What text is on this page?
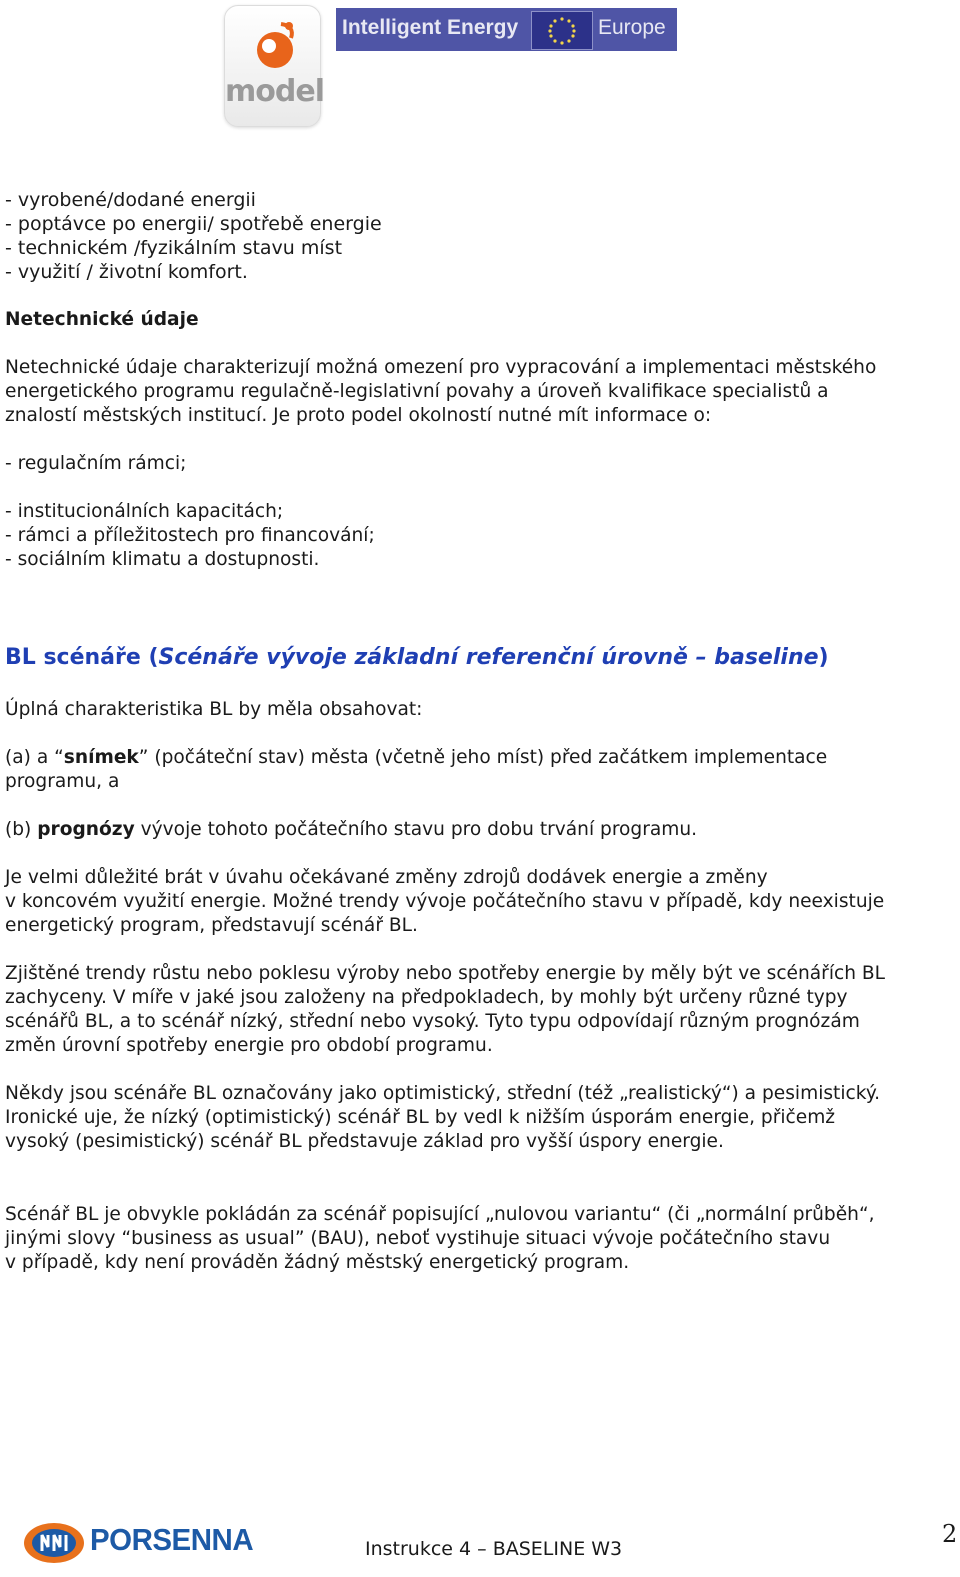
model
Intelligent Energy	Europe
- vyrobené/dodané energii
- poptávce po energii/ spotřebě energie
- technickém /fyzikálním stavu míst
- využití / životní komfort.
Netechnické údaje
Netechnické údaje charakterizují možná omezení pro vypracování a implementaci městského
energetického programu regulačně-legislativní povahy a úroveň kvalifikace specialistů a
znalostí městských institucí. Je proto podel okolností nutné mít informace o:
- regulačním rámci;
- institucionálních kapacitách;
- rámci a příležitostech pro financování;
- sociálním klimatu a dostupnosti.
BL scénáře (Scénáře vývoje základní referenční úrovně – baseline)
Úplná charakteristika BL by měla obsahovat:
(a) a “snímek” (počáteční stav) města (včetně jeho míst) před začátkem implementace
programu, a
(b) prognózy vývoje tohoto počátečního stavu pro dobu trvání programu.
Je velmi důležité brát v úvahu očekávané změny zdrojů dodávek energie a změny
v koncovém využití energie. Možné trendy vývoje počátečního stavu v případě, kdy neexistuje
energetický program, představují scénář BL.
Zjištěné trendy růstu nebo poklesu výroby nebo spotřeby energie by měly být ve scénářích BL
zachyceny. V míře v jaké jsou založeny na předpokladech, by mohly být určeny různé typy
scénářů BL, a to scénář nízký, střední nebo vysoký. Tyto typu odpovídají různým prognózám
změn úrovní spotřeby energie pro období programu.
Někdy jsou scénáře BL označovány jako optimistický, střední (též „realistický“) a pesimistický.
Ironické uje, že nízký (optimistický) scénář BL by vedl k nižším úsporám energie, přičemž
vysoký (pesimistický) scénář BL představuje základ pro vyšší úspory energie.
Scénář BL je obvykle pokládán za scénář popisující „nulovou variantu“ (či „normální průběh“,
jinými slovy “business as usual” (BAU), neboť vystihuje situaci vývoje počátečního stavu
v případě, kdy není prováděn žádný městský energetický program.
PORSENNA	Instrukce 4 – BASELINE W3
2
